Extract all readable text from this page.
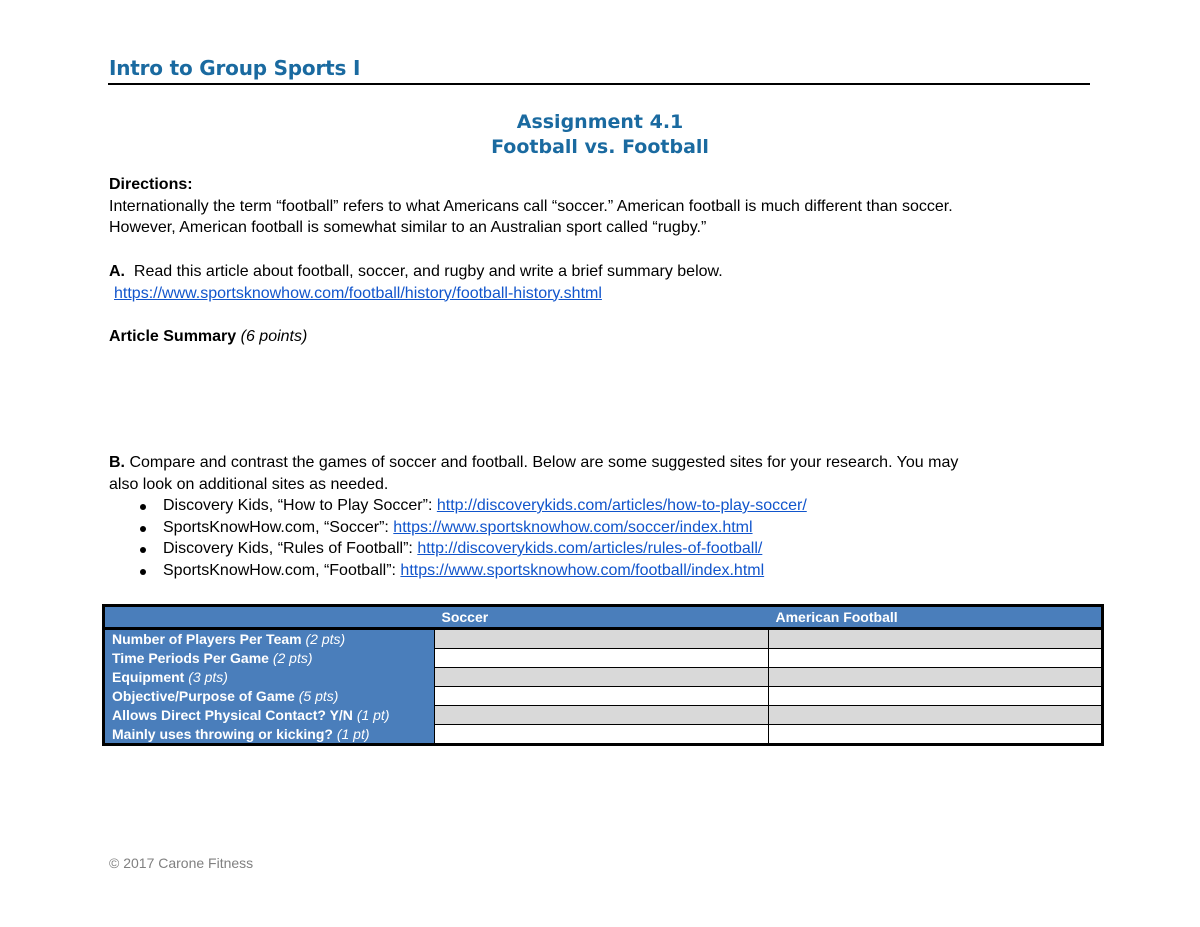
Intro to Group Sports I
Assignment 4.1
Football vs. Football
Directions:
Internationally the term “football” refers to what Americans call “soccer.” American football is much different than soccer.
However, American football is somewhat similar to an Australian sport called “rugby.”
A. Read this article about football, soccer, and rugby and write a brief summary below.
https://www.sportsknowhow.com/football/history/football-history.shtml
Article Summary (6 points)
B. Compare and contrast the games of soccer and football. Below are some suggested sites for your research. You may
also look on additional sites as needed.
Discovery Kids, “How to Play Soccer”: http://discoverykids.com/articles/how-to-play-soccer/
SportsKnowHow.com, “Soccer”: https://www.sportsknowhow.com/soccer/index.html
Discovery Kids, “Rules of Football”: http://discoverykids.com/articles/rules-of-football/
SportsKnowHow.com, “Football”: https://www.sportsknowhow.com/football/index.html
	Soccer	American Football
Number of Players Per Team (2 pts)		
Time Periods Per Game (2 pts)		
Equipment (3 pts)		
Objective/Purpose of Game (5 pts)		
Allows Direct Physical Contact? Y/N (1 pt)		
Mainly uses throwing or kicking? (1 pt)		
© 2017 Carone Fitness
